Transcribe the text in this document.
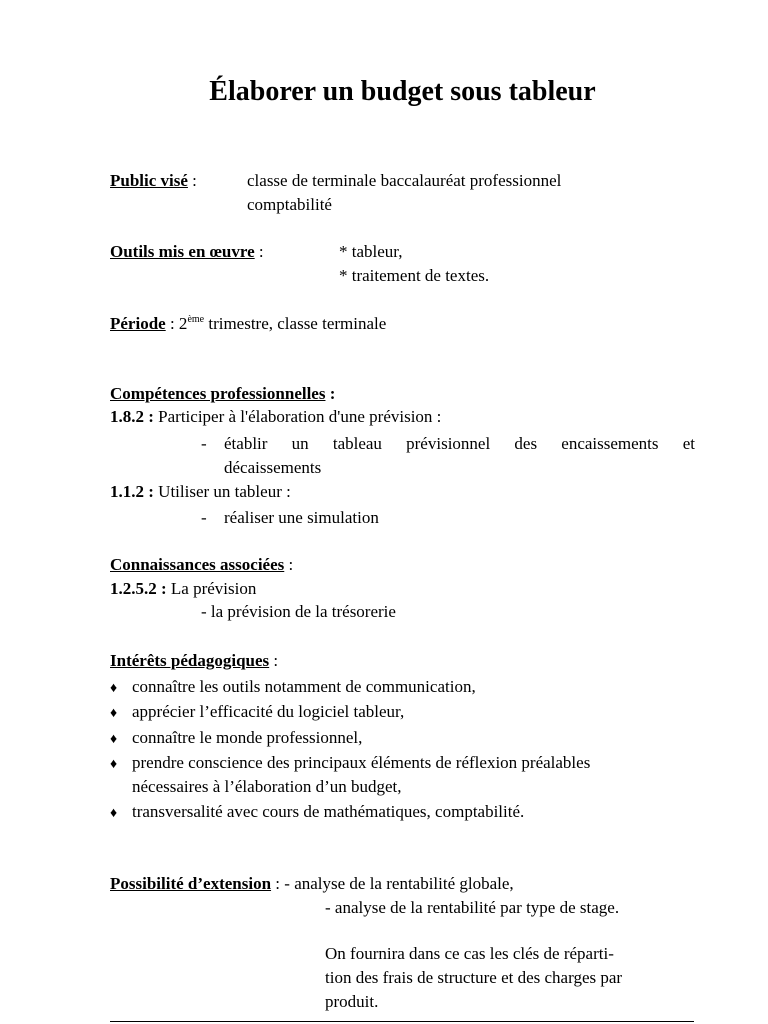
Élaborer un budget sous tableur
Public visé :	classe de terminale baccalauréat professionnel
comptabilité
Outils mis en œuvre :	* tableur,
* traitement de textes.
Période : 2ème trimestre, classe terminale
Compétences professionnelles :
1.8.2 : Participer à l'élaboration d'une prévision :
- établir un tableau prévisionnel des encaissements et
décaissements
1.1.2 : Utiliser un tableur :
- réaliser une simulation
Connaissances associées :
1.2.5.2 : La prévision
- la prévision de la trésorerie
Intérêts pédagogiques :
♦ connaître les outils notamment de communication,
♦ apprécier l’efficacité du logiciel tableur,
♦ connaître le monde professionnel,
♦ prendre conscience des principaux éléments de réflexion préalables
nécessaires à l’élaboration d’un budget,
♦ transversalité avec cours de mathématiques, comptabilité.
Possibilité d’extension : - analyse de la rentabilité globale,
- analyse de la rentabilité par type de stage.
On fournira dans ce cas les clés de réparti-
tion des frais de structure et des charges par
produit.
